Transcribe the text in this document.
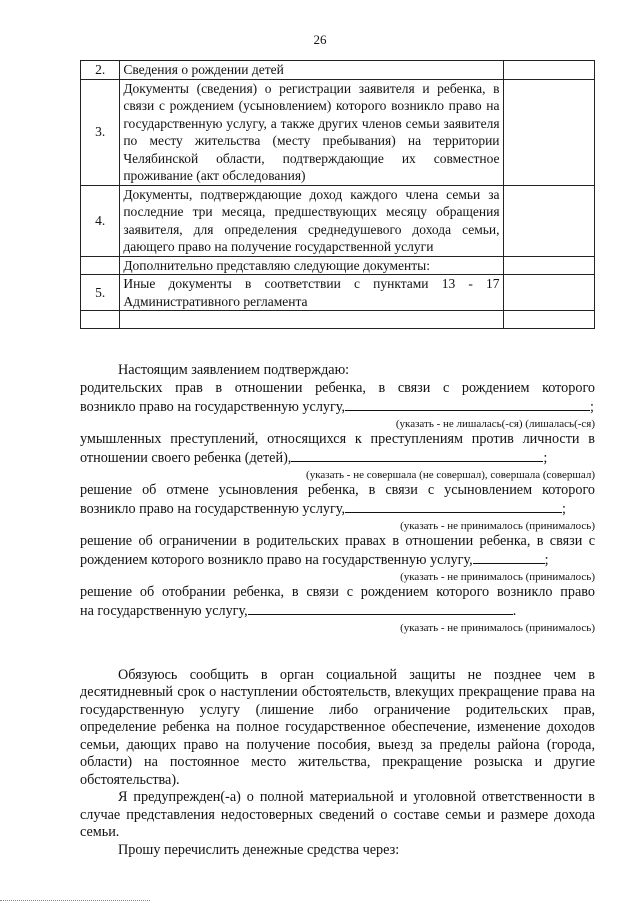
26
2.	Сведения о рождении детей	
3.	Документы (сведения) о регистрации заявителя и ребенка, в связи с рождением (усыновлением) которого возникло право на государственную услугу, а также других членов семьи заявителя по месту жительства (месту пребывания) на территории Челябинской области, подтверждающие их совместное проживание (акт обследования)	
4.	Документы, подтверждающие доход каждого члена семьи за последние три месяца, предшествующих месяцу обращения заявителя, для определения среднедушевого дохода семьи, дающего право на получение государственной услуги	
	Дополнительно представляю следующие документы:	
5.	Иные документы в соответствии с пунктами 13 - 17 Административного регламента	

Настоящим заявлением подтверждаю:
родительских прав в отношении ребенка, в связи с рождением которого
возникло право на государственную услугу,	;
(указать - не лишалась(-ся) (лишалась(-ся)
умышленных преступлений, относящихся к преступлениям против личности в
отношении своего ребенка (детей),	;
(указать - не совершала (не совершал), совершала (совершал)
решение об отмене усыновления ребенка, в связи с усыновлением которого
возникло право на государственную услугу,	;
(указать - не принималось (принималось)
решение об ограничении в родительских правах в отношении ребенка, в связи с
рождением которого возникло право на государственную услугу,	;
(указать - не принималось (принималось)
решение об отобрании ребенка, в связи с рождением которого возникло право
на государственную услугу,	.
(указать - не принималось (принималось)
Обязуюсь сообщить в орган социальной защиты не позднее чем в десятидневный срок о наступлении обстоятельств, влекущих прекращение права на государственную услугу (лишение либо ограничение родительских прав, определение ребенка на полное государственное обеспечение, изменение доходов семьи, дающих право на получение пособия, выезд за пределы района (города, области) на постоянное место жительства, прекращение розыска и другие обстоятельства).
Я предупрежден(-а) о полной материальной и уголовной ответственности в случае представления недостоверных сведений о составе семьи и размере дохода семьи.
Прошу перечислить денежные средства через:
